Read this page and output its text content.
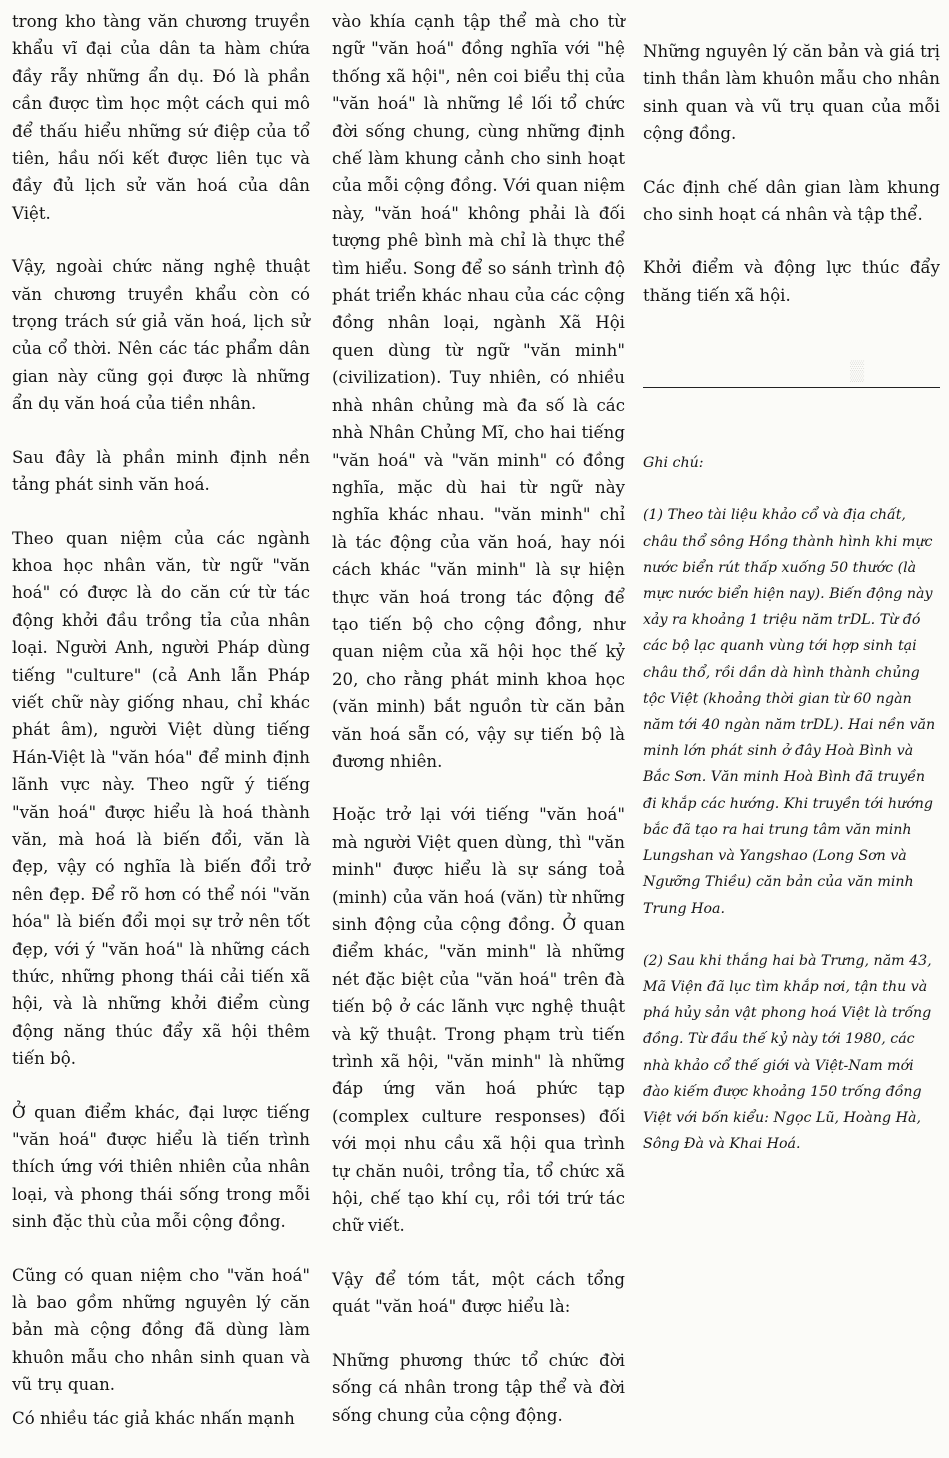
▒

trong kho tàng văn chương truyền khẩu vĩ đại của dân ta hàm chứa đầy rẫy những ẩn dụ. Đó là phần cần được tìm học một cách qui mô để thấu hiểu những sứ điệp của tổ tiên, hầu nối kết được liên tục và đầy đủ lịch sử văn hoá của dân Việt.

Vậy, ngoài chức năng nghệ thuật văn chương truyền khẩu còn có trọng trách sứ giả văn hoá, lịch sử của cổ thời. Nên các tác phẩm dân gian này cũng gọi được là những ẩn dụ văn hoá của tiền nhân.

Sau đây là phần minh định nền tảng phát sinh văn hoá.

Theo quan niệm của các ngành khoa học nhân văn, từ ngữ "văn hoá" có được là do căn cứ từ tác động khởi đầu trồng tỉa của nhân loại. Người Anh, người Pháp dùng tiếng "culture" (cả Anh lẫn Pháp viết chữ này giống nhau, chỉ khác phát âm), người Việt dùng tiếng Hán-Việt là "văn hóa" để minh định lãnh vực này. Theo ngữ ý tiếng "văn hoá" được hiểu là hoá thành văn, mà hoá là biến đổi, văn là đẹp, vậy có nghĩa là biến đổi trở nên đẹp. Để rõ hơn có thể nói "văn hóa" là biến đổi mọi sự trở nên tốt đẹp, với ý "văn hoá" là những cách thức, những phong thái cải tiến xã hội, và là những khởi điểm cùng động năng thúc đẩy xã hội thêm tiến bộ.

Ở quan điểm khác, đại lược tiếng "văn hoá" được hiểu là tiến trình thích ứng với thiên nhiên của nhân loại, và phong thái sống trong mỗi sinh đặc thù của mỗi cộng đồng.

Cũng có quan niệm cho "văn hoá" là bao gồm những nguyên lý căn bản mà cộng đồng đã dùng làm khuôn mẫu cho nhân sinh quan và vũ trụ quan.

Có nhiều tác giả khác nhấn mạnh

vào khía cạnh tập thể mà cho từ ngữ "văn hoá" đồng nghĩa với "hệ thống xã hội", nên coi biểu thị của "văn hoá" là những lề lối tổ chức đời sống chung, cùng những định chế làm khung cảnh cho sinh hoạt của mỗi cộng đồng. Với quan niệm này, "văn hoá" không phải là đối tượng phê bình mà chỉ là thực thể tìm hiểu. Song để so sánh trình độ phát triển khác nhau của các cộng đồng nhân loại, ngành Xã Hội quen dùng từ ngữ "văn minh" (civilization). Tuy nhiên, có nhiều nhà nhân chủng mà đa số là các nhà Nhân Chủng Mĩ, cho hai tiếng "văn hoá" và "văn minh" có đồng nghĩa, mặc dù hai từ ngữ này nghĩa khác nhau. "văn minh" chỉ là tác động của văn hoá, hay nói cách khác "văn minh" là sự hiện thực văn hoá trong tác động để tạo tiến bộ cho cộng đồng, như quan niệm của xã hội học thế kỷ 20, cho rằng phát minh khoa học (văn minh) bắt nguồn từ căn bản văn hoá sẵn có, vậy sự tiến bộ là đương nhiên.

Hoặc trở lại với tiếng "văn hoá" mà người Việt quen dùng, thì "văn minh" được hiểu là sự sáng toả (minh) của văn hoá (văn) từ những sinh động của cộng đồng. Ở quan điểm khác, "văn minh" là những nét đặc biệt của "văn hoá" trên đà tiến bộ ở các lãnh vực nghệ thuật và kỹ thuật. Trong phạm trù tiến trình xã hội, "văn minh" là những đáp ứng văn hoá phức tạp (complex culture responses) đối với mọi nhu cầu xã hội qua trình tự chăn nuôi, trồng tỉa, tổ chức xã hội, chế tạo khí cụ, rồi tới trứ tác chữ viết.

Vậy để tóm tắt, một cách tổng quát "văn hoá" được hiểu là:

Những phương thức tổ chức đời sống cá nhân trong tập thể và đời sống chung của cộng động.

Những nguyên lý căn bản và giá trị tinh thần làm khuôn mẫu cho nhân sinh quan và vũ trụ quan của mỗi cộng đồng.

Các định chế dân gian làm khung cho sinh hoạt cá nhân và tập thể.

Khởi điểm và động lực thúc đẩy thăng tiến xã hội.

Ghi chú:

(1) Theo tài liệu khảo cổ và địa chất, châu thổ sông Hồng thành hình khi mực nước biển rút thấp xuống 50 thước (là mực nước biển hiện nay). Biến động này xảy ra khoảng 1 triệu năm trDL. Từ đó các bộ lạc quanh vùng tới hợp sinh tại châu thổ, rồi dần dà hình thành chủng tộc Việt (khoảng thời gian từ 60 ngàn năm tới 40 ngàn năm trDL). Hai nền văn minh lớn phát sinh ở đây Hoà Bình và Bắc Sơn. Văn minh Hoà Bình đã truyền đi khắp các hướng. Khi truyền tới hướng bắc đã tạo ra hai trung tâm văn minh Lungshan và Yangshao (Long Sơn và Ngưỡng Thiều) căn bản của văn minh Trung Hoa.

(2) Sau khi thắng hai bà Trưng, năm 43, Mã Viện đã lục tìm khắp nơi, tận thu và phá hủy sản vật phong hoá Việt là trống đồng. Từ đầu thế kỷ này tới 1980, các nhà khảo cổ thế giới và Việt-Nam mới đào kiếm được khoảng 150 trống đồng Việt với bốn kiểu: Ngọc Lũ, Hoàng Hà, Sông Đà và Khai Hoá.
